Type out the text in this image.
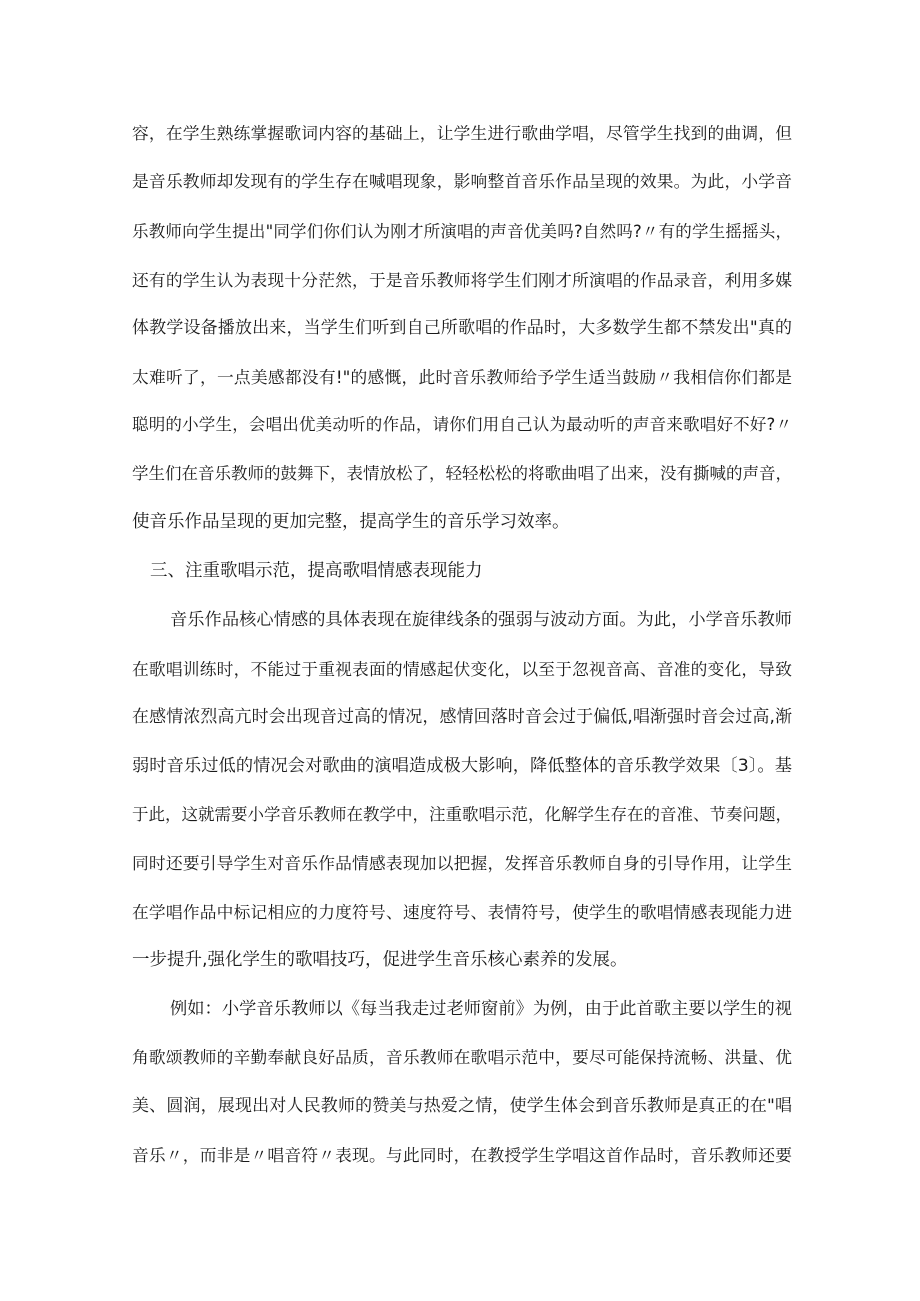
容，在学生熟练掌握歌词内容的基础上，让学生进行歌曲学唱，尽管学生找到的曲调，但
是音乐教师却发现有的学生存在喊唱现象，影响整首音乐作品呈现的效果。为此，小学音
乐教师向学生提出"同学们你们认为刚才所演唱的声音优美吗?自然吗?〃有的学生摇摇头，
还有的学生认为表现十分茫然，于是音乐教师将学生们刚才所演唱的作品录音，利用多媒
体教学设备播放出来，当学生们听到自己所歌唱的作品时，大多数学生都不禁发出"真的
太难听了，一点美感都没有!"的感慨，此时音乐教师给予学生适当鼓励〃我相信你们都是
聪明的小学生，会唱出优美动听的作品，请你们用自己认为最动听的声音来歌唱好不好?〃
学生们在音乐教师的鼓舞下，表情放松了，轻轻松松的将歌曲唱了出来，没有撕喊的声音，
使音乐作品呈现的更加完整，提高学生的音乐学习效率。
三、注重歌唱示范，提高歌唱情感表现能力
音乐作品核心情感的具体表现在旋律线条的强弱与波动方面。为此，小学音乐教师
在歌唱训练时，不能过于重视表面的情感起伏变化，以至于忽视音高、音准的变化，导致
在感情浓烈高亢时会出现音过高的情况，感情回落时音会过于偏低,唱渐强时音会过高,渐
弱时音乐过低的情况会对歌曲的演唱造成极大影响，降低整体的音乐教学效果〔3〕。基
于此，这就需要小学音乐教师在教学中，注重歌唱示范，化解学生存在的音准、节奏问题，
同时还要引导学生对音乐作品情感表现加以把握，发挥音乐教师自身的引导作用，让学生
在学唱作品中标记相应的力度符号、速度符号、表情符号，使学生的歌唱情感表现能力进
一步提升,强化学生的歌唱技巧，促进学生音乐核心素养的发展。
例如：小学音乐教师以《每当我走过老师窗前》为例，由于此首歌主要以学生的视
角歌颂教师的辛勤奉献良好品质，音乐教师在歌唱示范中，要尽可能保持流畅、洪量、优
美、圆润，展现出对人民教师的赞美与热爱之情，使学生体会到音乐教师是真正的在"唱
音乐〃，而非是〃唱音符〃表现。与此同时，在教授学生学唱这首作品时，音乐教师还要
